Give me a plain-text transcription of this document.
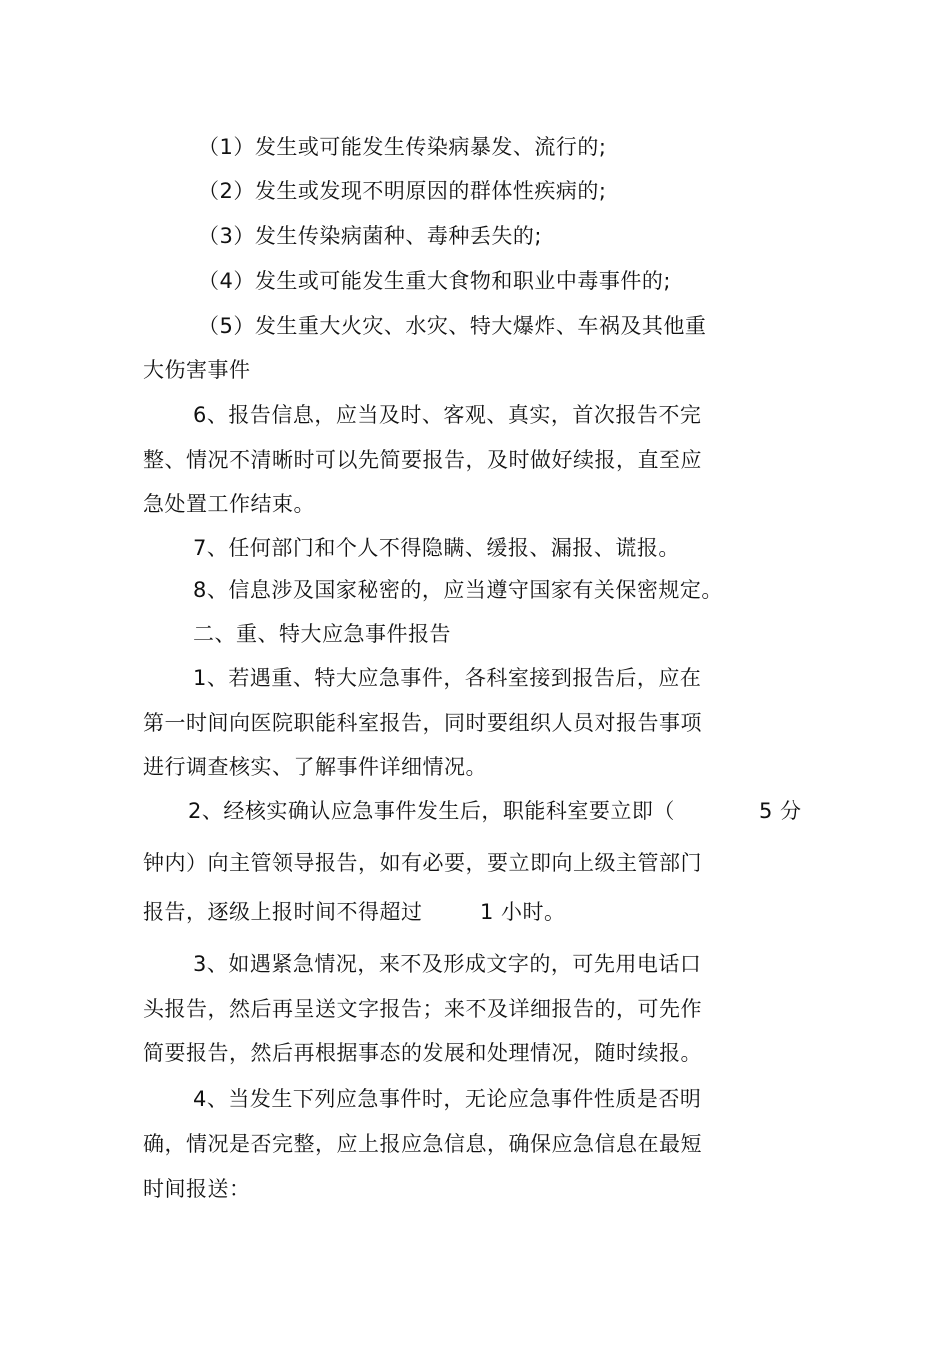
（1）发生或可能发生传染病暴发、流行的;
（2）发生或发现不明原因的群体性疾病的;
（3）发生传染病菌种、毒种丢失的;
（4）发生或可能发生重大食物和职业中毒事件的;
（5）发生重大火灾、水灾、特大爆炸、车祸及其他重
大伤害事件
6、报告信息，应当及时、客观、真实，首次报告不完
整、情况不清晰时可以先简要报告，及时做好续报，直至应
急处置工作结束。
7、任何部门和个人不得隐瞒、缓报、漏报、谎报。
8、信息涉及国家秘密的，应当遵守国家有关保密规定。
二、重、特大应急事件报告
1、若遇重、特大应急事件，各科室接到报告后，应在
第一时间向医院职能科室报告，同时要组织人员对报告事项
进行调查核实、了解事件详细情况。
2、经核实确认应急事件发生后，职能科室要立即（	5 分
钟内）向主管领导报告，如有必要，要立即向上级主管部门
报告，逐级上报时间不得超过	1 小时。
3、如遇紧急情况，来不及形成文字的，可先用电话口
头报告，然后再呈送文字报告；来不及详细报告的，可先作
简要报告，然后再根据事态的发展和处理情况，随时续报。
4、当发生下列应急事件时，无论应急事件性质是否明
确，情况是否完整，应上报应急信息，确保应急信息在最短
时间报送：
